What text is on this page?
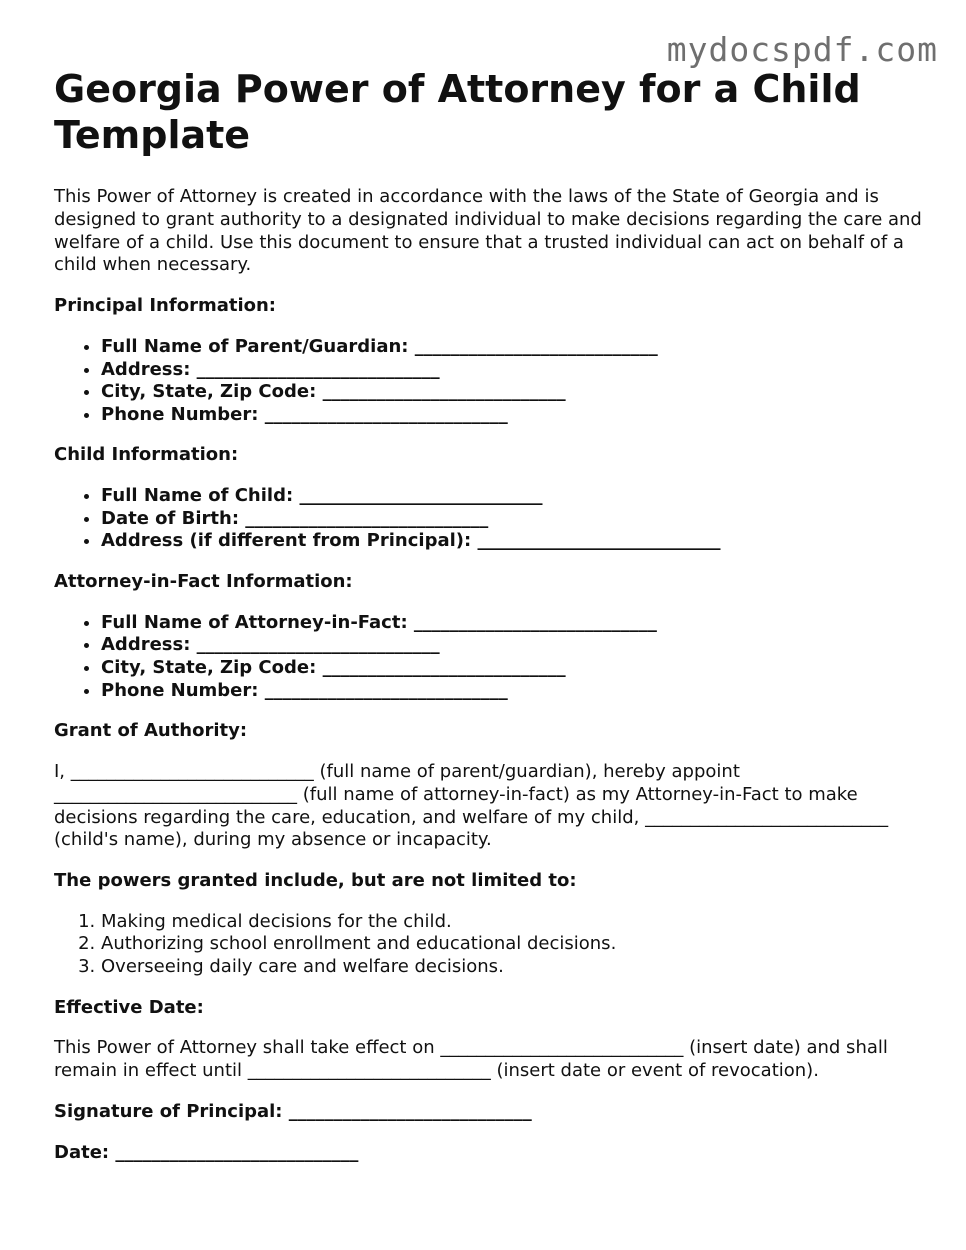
mydocspdf.com
Georgia Power of Attorney for a Child Template

This Power of Attorney is created in accordance with the laws of the State of Georgia and is designed to grant authority to a designated individual to make decisions regarding the care and welfare of a child. Use this document to ensure that a trusted individual can act on behalf of a child when necessary.

Principal Information:
• Full Name of Parent/Guardian: ___________________________
• Address: ___________________________
• City, State, Zip Code: ___________________________
• Phone Number: ___________________________
Child Information:
• Full Name of Child: ___________________________
• Date of Birth: ___________________________
• Address (if different from Principal): ___________________________
Attorney-in-Fact Information:
• Full Name of Attorney-in-Fact: ___________________________
• Address: ___________________________
• City, State, Zip Code: ___________________________
• Phone Number: ___________________________
Grant of Authority:

I, ___________________________ (full name of parent/guardian), hereby appoint ___________________________ (full name of attorney-in-fact) as my Attorney-in-Fact to make decisions regarding the care, education, and welfare of my child, ___________________________ (child's name), during my absence or incapacity.

The powers granted include, but are not limited to:
1. Making medical decisions for the child.
2. Authorizing school enrollment and educational decisions.
3. Overseeing daily care and welfare decisions.
Effective Date:

This Power of Attorney shall take effect on ___________________________ (insert date) and shall remain in effect until ___________________________ (insert date or event of revocation).

Signature of Principal: ___________________________
Date: ___________________________
